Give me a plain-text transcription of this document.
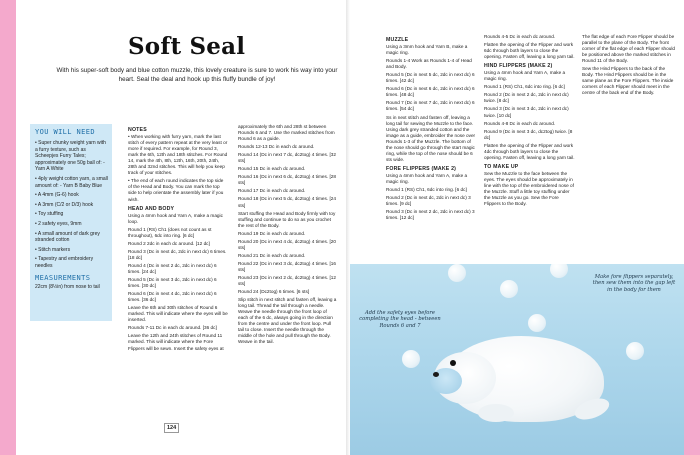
Soft Seal

With his super-soft body and blue cotton muzzle, this lovely creature is sure to work his way into your heart. Seal the deal and hook up this fluffy bundle of joy!

YOU WILL NEED
• Super chunky weight yarn with a furry texture, such as Scheepjes Furry Tales; approximately one 50g ball of: - Yarn A White
• 4ply weight cotton yarn, a small amount of: - Yarn B Baby Blue
• A 4mm (G-6) hook
• A 3mm (C/2 or D/3) hook
• Toy stuffing
• 2 safety eyes, 9mm
• A small amount of dark grey stranded cotton
• Stitch markers
• Tapestry and embroidery needles
MEASUREMENTS
22cm (8½in) from nose to tail
NOTES

• When working with furry yarn, mark the last stitch of every pattern repeat at the very least or more if required. For example, for Round 3, mark the 6th, 12th and 18th stitches. For Round 14, mark the 4th, 8th, 12th, 16th, 20th, 24th, 28th and 32nd stitches. This will help you keep track of your stitches.

• The end of each round indicates the top side of the Head and Body. You can mark the top side to help orientate the assembly later if you wish.

HEAD AND BODY

Using a 4mm hook and Yarn A, make a magic loop.

Round 1 (RS) Ch1 (does not count as st throughout), 6dc into ring. [6 dc]

Round 2 2dc in each dc around. [12 dc]

Round 3 (Dc in next dc, 2dc in next dc) 6 times. [18 dc]

Round 4 (Dc in next 2 dc, 2dc in next dc) 6 times. [24 dc]

Round 5 (Dc in next 3 dc, 2dc in next dc) 6 times. [30 dc]

Round 6 (Dc in next 4 dc, 2dc in next dc) 6 times. [36 dc]

Leave the 6th and 30th stitches of Round 6 marked. This will indicate where the eyes will be inserted.

Rounds 7-11 Dc in each dc around. [36 dc]

Leave the 12th and 24th stitches of Round 11 marked. This will indicate where the Fore Flippers will be sewn. Insert the safety eyes at

approximately the 6th and 28th st between Rounds 6 and 7. Use the marked stitches from Round 6 as a guide.

Rounds 12-13 Dc in each dc around.

Round 14 (Dc in next 7 dc, dc2tog) 4 times. [32 sts]

Round 15 Dc in each dc around.

Round 16 (Dc in next 6 dc, dc2tog) 4 times. [28 sts]

Round 17 Dc in each dc around.

Round 18 (Dc in next 5 dc, dc2tog) 4 times. [24 sts]

Start stuffing the Head and Body firmly with toy stuffing and continue to do so as you crochet the rest of the Body.

Round 19 Dc in each dc around.

Round 20 (Dc in next 4 dc, dc2tog) 4 times. [20 sts]

Round 21 Dc in each dc around.

Round 22 (Dc in next 3 dc, dc2tog) 4 times. [16 sts]

Round 23 (Dc in next 2 dc, dc2tog) 4 times. [12 sts]

Round 24 (Dc2tog) 6 times. [6 sts]

Slip stitch in next stitch and fasten off, leaving a long tail. Thread the tail through a needle. Weave the needle through the front loop of each of the 6 dc, always going in the direction from the centre and under the front loop. Pull tail to close. Insert the needle through the middle of the hole and pull through the Body. Weave in the tail.

124
MUZZLE

Using a 3mm hook and Yarn B, make a magic ring.

Rounds 1-4 Work as Rounds 1-4 of Head and Body.

Round 5 (Dc in next 5 dc, 2dc in next dc) 6 times. [42 dc]

Round 6 (Dc in next 6 dc, 2dc in next dc) 6 times. [48 dc]

Round 7 (Dc in next 7 dc, 2dc in next dc) 6 times. [54 dc]

Ss in next stitch and fasten off, leaving a long tail for sewing the Muzzle to the face. Using dark grey stranded cotton and the image as a guide, embroider the nose over Rounds 1-3 of the Muzzle. The bottom of the nose should go through the start magic ring, while the top of the nose should be 6 sts wide.

FORE FLIPPERS (MAKE 2)

Using a 4mm hook and Yarn A, make a magic ring.

Round 1 (RS) Ch1, 6dc into ring. [6 dc]

Round 2 (Dc in next dc, 2dc in next dc) 3 times. [9 dc]

Round 3 (Dc in next 2 dc, 2dc in next dc) 3 times. [12 dc]

Rounds 4-5 Dc in each dc around.

Flatten the opening of the Flipper and work 6dc through both layers to close the opening. Fasten off, leaving a long yarn tail.

HIND FLIPPERS (MAKE 2)

Using a 4mm hook and Yarn A, make a magic ring.

Round 1 (RS) Ch1, 6dc into ring. [6 dc]

Round 2 (Dc in next 2 dc, 2dc in next dc) twice. [8 dc]

Round 3 (Dc in next 3 dc, 2dc in next dc) twice. [10 dc]

Rounds 4-8 Dc in each dc around.

Round 9 (Dc in next 3 dc, dc2tog) twice. [8 dc]

Flatten the opening of the Flipper and work 4dc through both layers to close the opening. Fasten off, leaving a long yarn tail.

TO MAKE UP

Sew the Muzzle to the face between the eyes. The eyes should be approximately in line with the top of the embroidered nose of the Muzzle. Stuff a little toy stuffing under the Muzzle as you go. Sew the Fore Flippers to the Body.

The flat edge of each Fore Flipper should be parallel to the plane of the Body. The front corner of the flat edge of each Flipper should be positioned above the marked stitches in Round 11 of the Body.

Sew the Hind Flippers to the back of the Body. The Hind Flippers should be in the same plane as the Fore Flippers. The inside corners of each Flipper should meet in the centre of the back end of the Body.

Add the safety eyes before completing the head - between Rounds 6 and 7
Make fore flippers separately, then sew them into the gap left in the body for them
